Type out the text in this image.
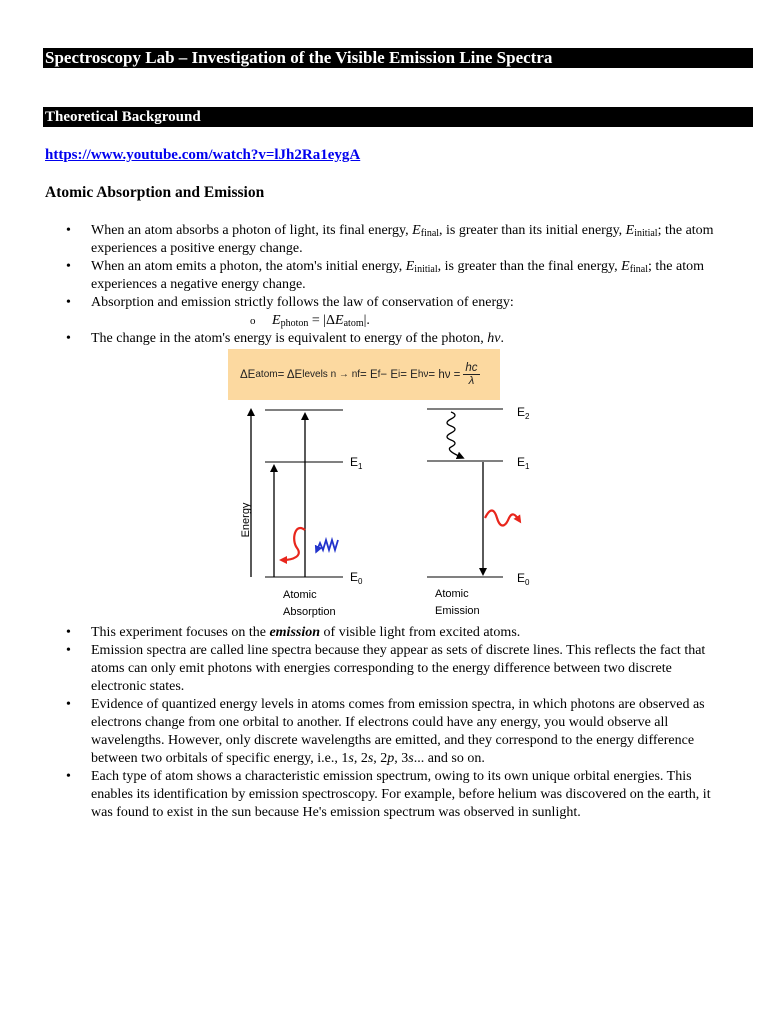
Spectroscopy Lab – Investigation of the Visible Emission Line Spectra
Theoretical Background
https://www.youtube.com/watch?v=lJh2Ra1eygA
Atomic Absorption and Emission
• When an atom absorbs a photon of light, its final energy, $E_{final}$, is greater than its initial energy, $E_{initial}$; the atom experiences a positive energy change.
• When an atom emits a photon, the atom's initial energy, $E_{initial}$, is greater than the final energy, $E_{final}$; the atom experiences a negative energy change.
• Absorption and emission strictly follows the law of conservation of energy:
o $E_{photon} = |\Delta E_{atom}|$.
• The change in the atom's energy is equivalent to energy of the photon, hν.
ΔE atom = ΔE levels n → nf = E f − E i = E $h\nu = h\nu = \frac{hc}{\lambda}$
Energy
$E_1$
$E_0$
Atomic
Absorption
$E_2$
$E_1$
$E_0$
Atomic
Emission
• This experiment focuses on the emission of visible light from excited atoms.
• Emission spectra are called line spectra because they appear as sets of discrete lines. This reflects the fact that atoms can only emit photons with energies corresponding to the energy difference between two discrete electronic states.
• Evidence of quantized energy levels in atoms comes from emission spectra, in which photons are observed as electrons change from one orbital to another. If electrons could have any energy, you would observe all wavelengths. However, only discrete wavelengths are emitted, and they correspond to the energy difference between two orbitals of specific energy, i.e., 1s, 2s, 2p, 3s... and so on.
• Each type of atom shows a characteristic emission spectrum, owing to its own unique orbital energies. This enables its identification by emission spectroscopy. For example, before helium was discovered on the earth, it was found to exist in the sun because He's emission spectrum was observed in sunlight.
